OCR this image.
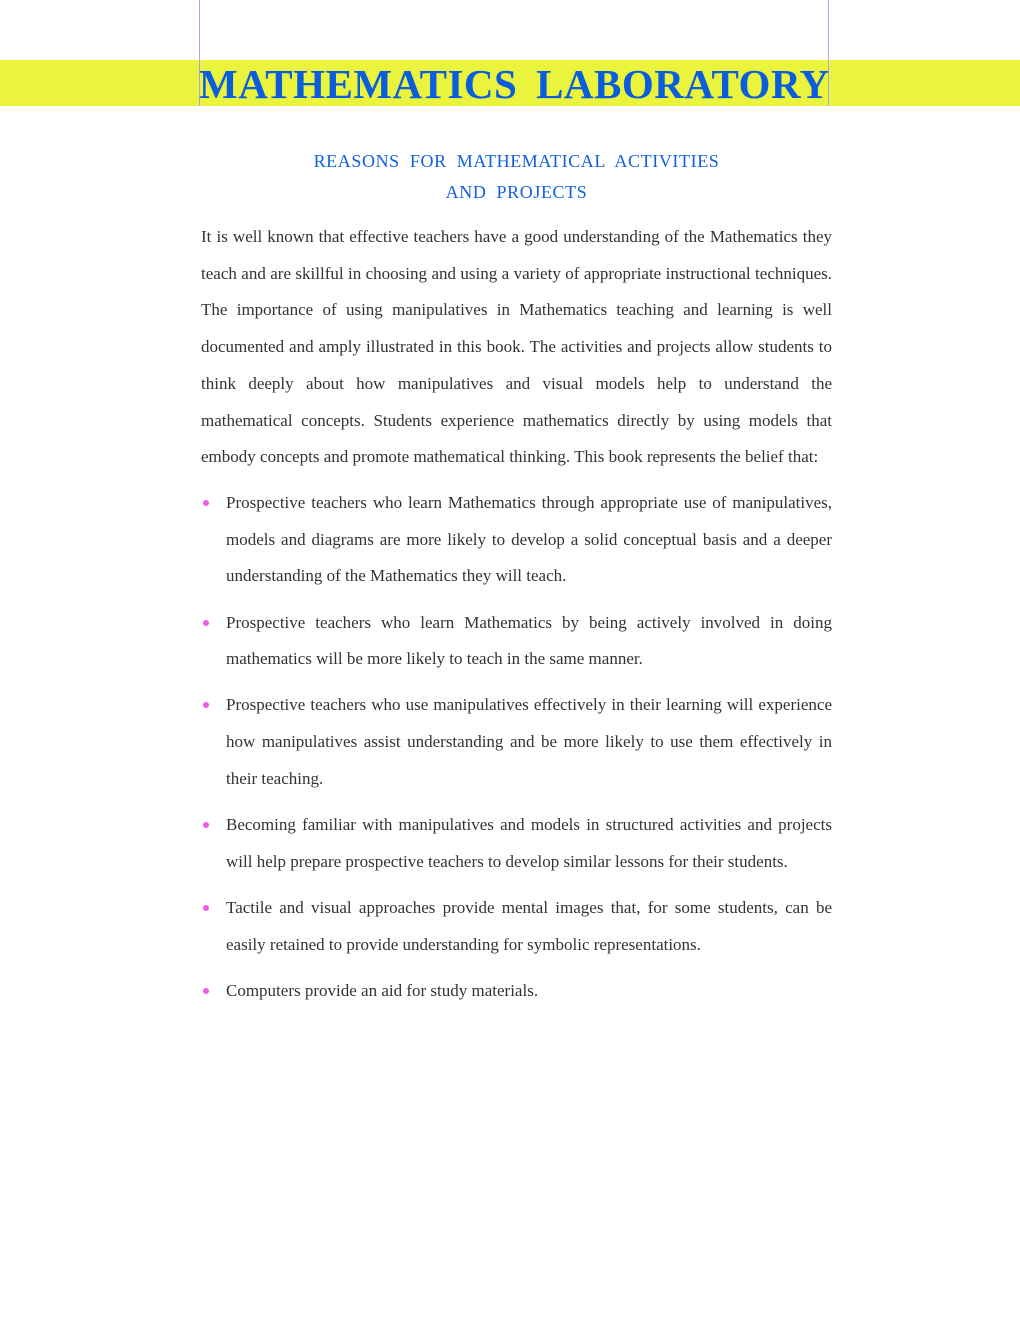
MATHEMATICS LABORATORY
REASONS FOR MATHEMATICAL ACTIVITIES
AND PROJECTS

It is well known that effective teachers have a good understanding of the Mathematics they teach and are skillful in choosing and using a variety of appropriate instructional techniques. The importance of using manipulatives in Mathematics teaching and learning is well documented and amply illustrated in this book. The activities and projects allow students to think deeply about how manipulatives and visual models help to understand the mathematical concepts. Students experience mathematics directly by using models that embody concepts and promote mathematical thinking. This book represents the belief that:

Prospective teachers who learn Mathematics through appropriate use of manipulatives, models and diagrams are more likely to develop a solid conceptual basis and a deeper understanding of the Mathematics they will teach.
Prospective teachers who learn Mathematics by being actively involved in doing mathematics will be more likely to teach in the same manner.
Prospective teachers who use manipulatives effectively in their learning will experience how manipulatives assist understanding and be more likely to use them effectively in their teaching.
Becoming familiar with manipulatives and models in structured activities and projects will help prepare prospective teachers to develop similar lessons for their students.
Tactile and visual approaches provide mental images that, for some students, can be easily retained to provide understanding for symbolic representations.
Computers provide an aid for study materials.
